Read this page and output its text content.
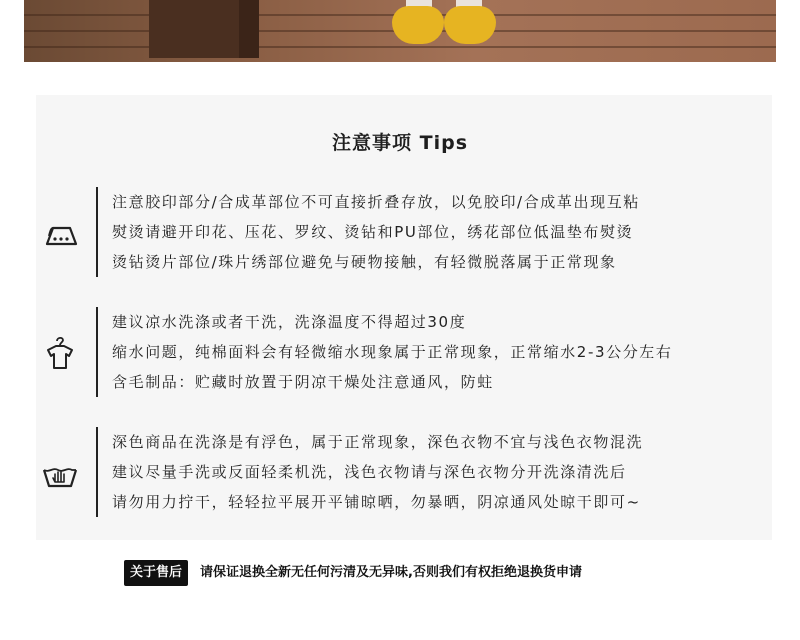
注意事项 Tips
注意胶印部分/合成革部位不可直接折叠存放，以免胶印/合成革出现互粘
熨烫请避开印花、压花、罗纹、烫钻和PU部位，绣花部位低温垫布熨烫
烫钻烫片部位/珠片绣部位避免与硬物接触，有轻微脱落属于正常现象
建议凉水洗涤或者干洗，洗涤温度不得超过30度
缩水问题，纯棉面料会有轻微缩水现象属于正常现象，正常缩水2-3公分左右
含毛制品：贮藏时放置于阴凉干燥处注意通风，防蛀
深色商品在洗涤是有浮色，属于正常现象，深色衣物不宜与浅色衣物混洗
建议尽量手洗或反面轻柔机洗，浅色衣物请与深色衣物分开洗涤清洗后
请勿用力拧干，轻轻拉平展开平铺晾晒，勿暴晒，阴凉通风处晾干即可~
关于售后	请保证退换全新无任何污清及无异味,否则我们有权拒绝退换货申请
